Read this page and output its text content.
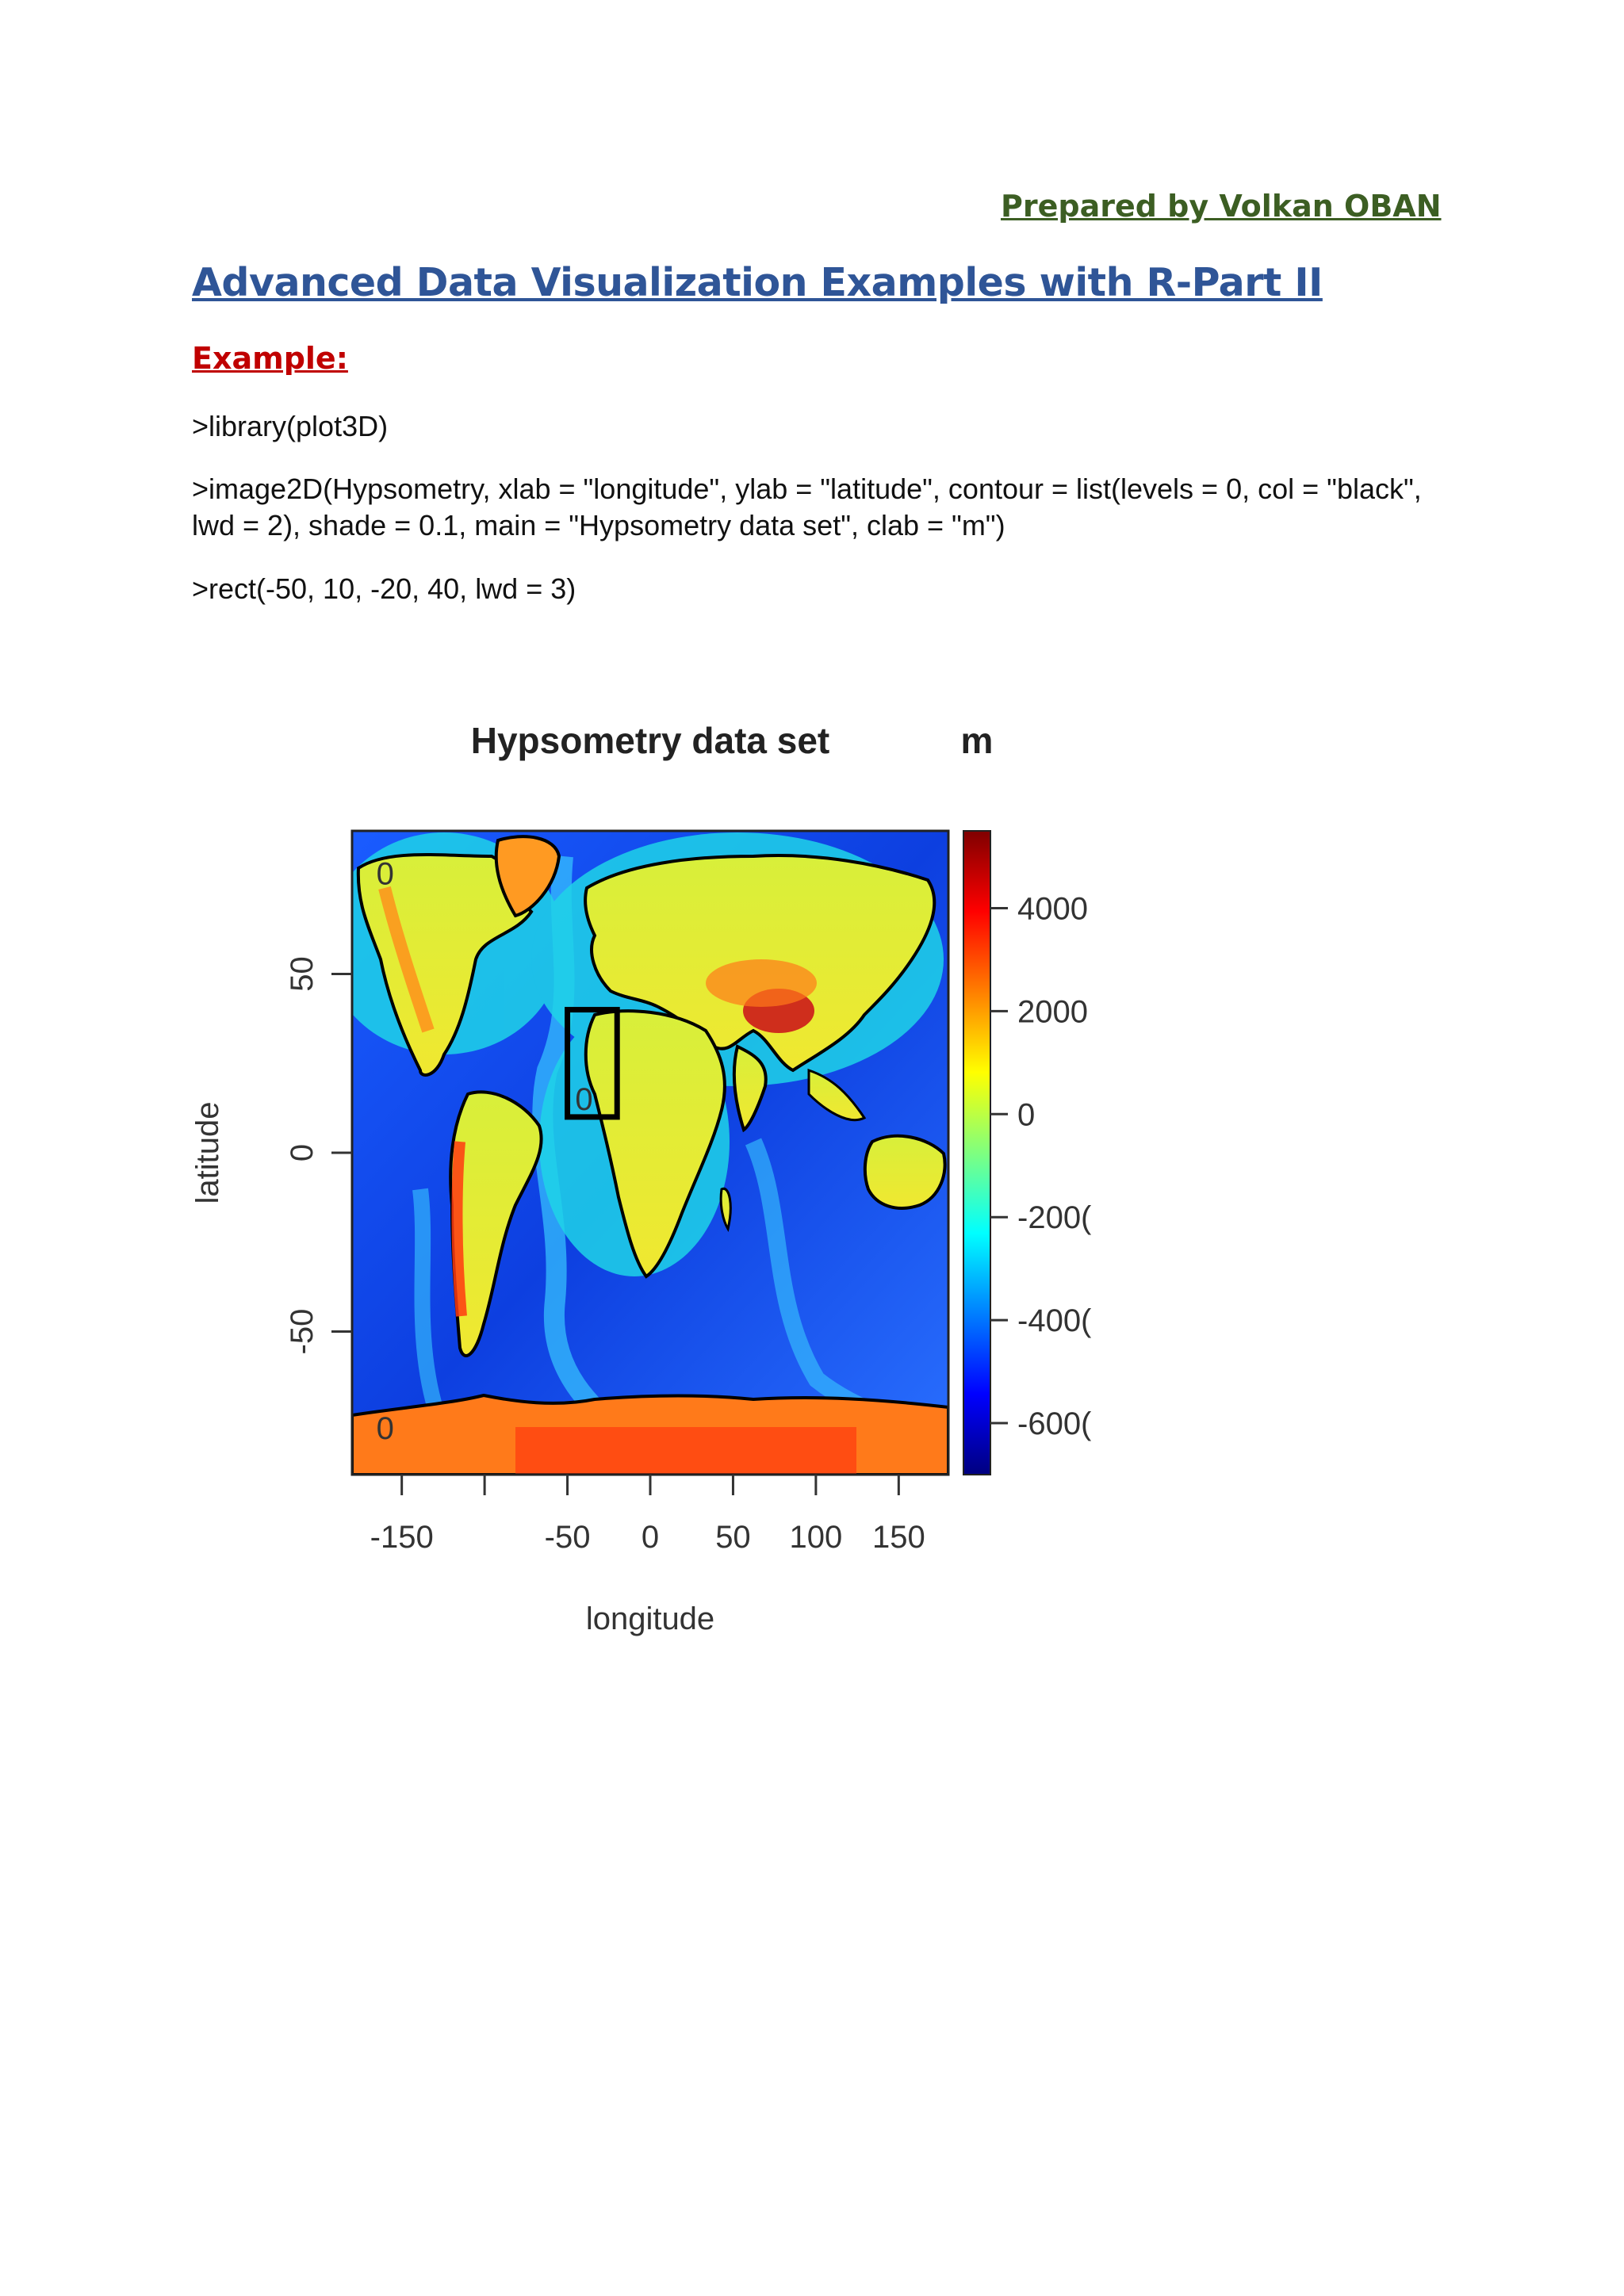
Prepared by Volkan OBAN
Advanced Data Visualization Examples with R-Part II
Example:
>library(plot3D)
>image2D(Hypsometry, xlab = "longitude", ylab = "latitude", contour = list(levels = 0, col = "black",
lwd = 2), shade = 0.1, main = "Hypsometry data set", clab = "m")
>rect(-50, 10, -20, 40, lwd = 3)
Hypsometry data set
-150	-50 0 50 100 150
-50
0
50
0
0
0
4000
2000
0
-200(
-400(
-600(
longitude
latitude
m
